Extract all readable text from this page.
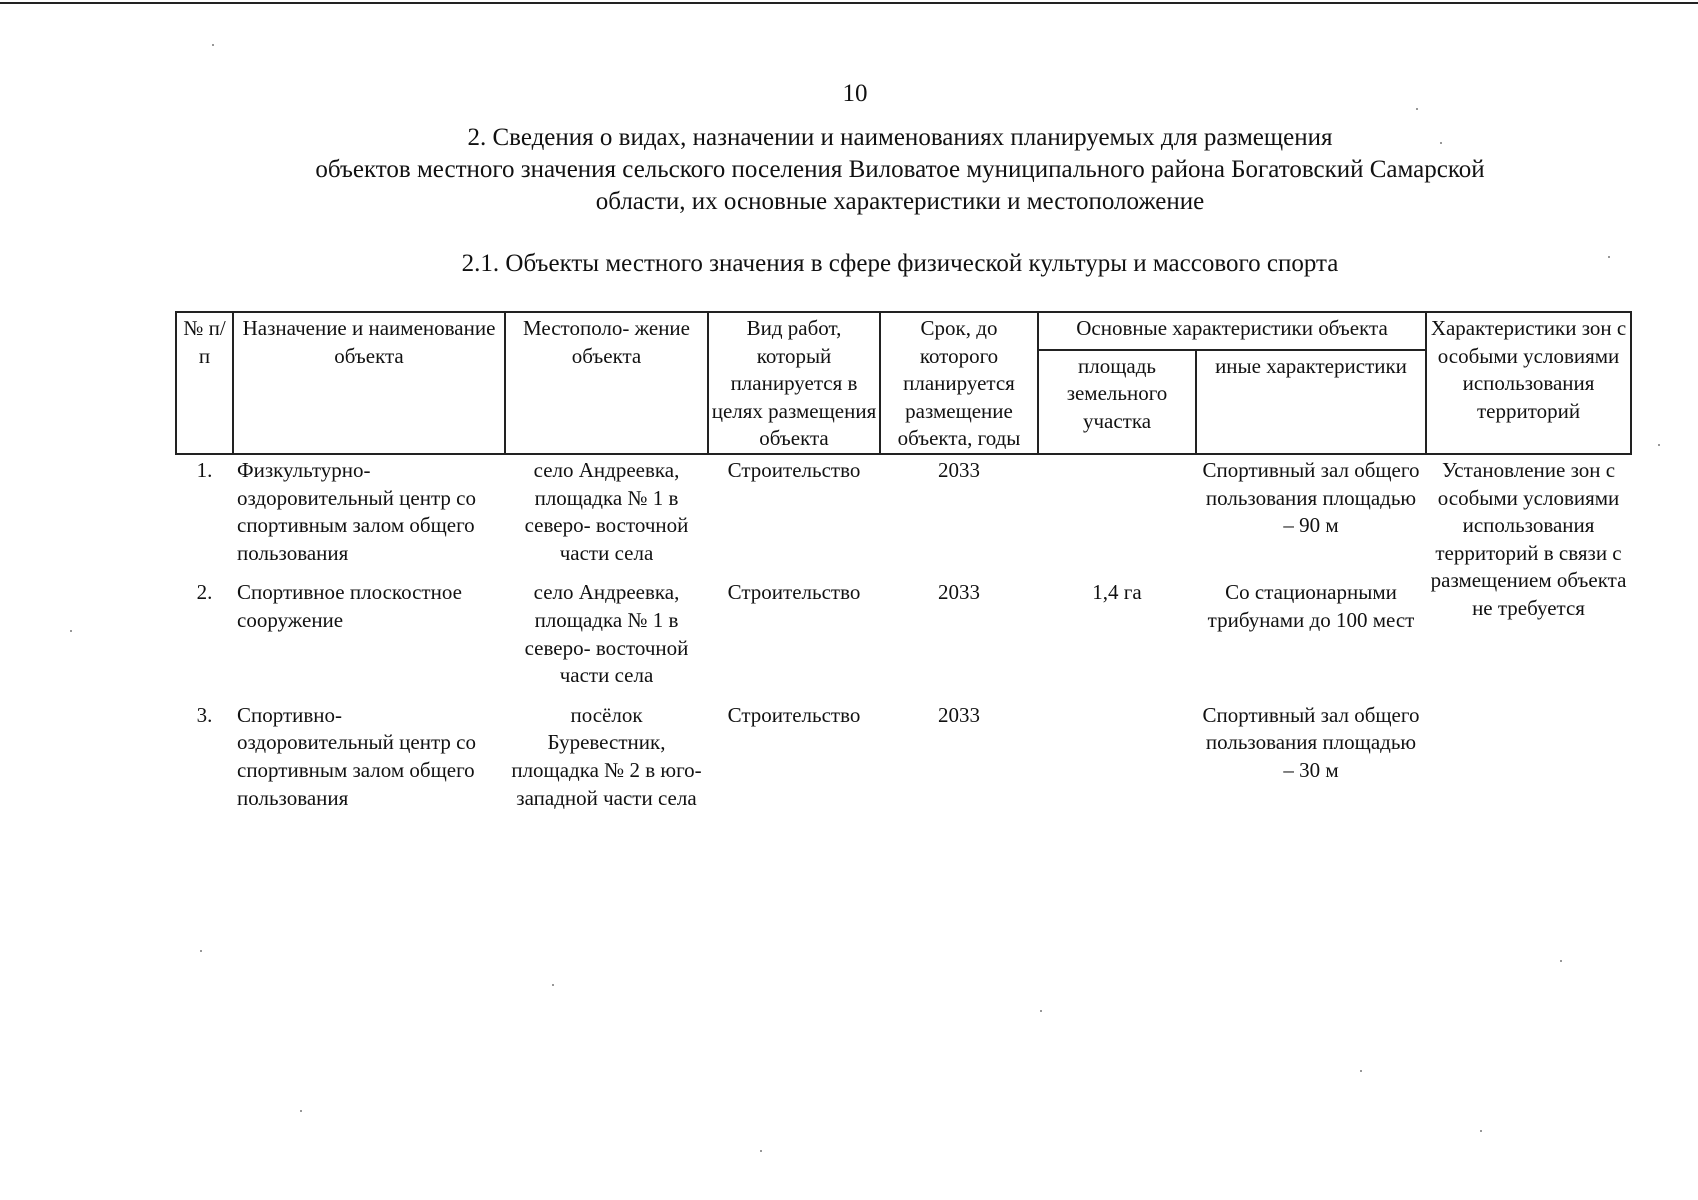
10
2. Сведения о видах, назначении и наименованиях планируемых для размещения
объектов местного значения сельского поселения Виловатое муниципального района Богатовский Самарской
области, их основные характеристики и местоположение
2.1. Объекты местного значения в сфере физической культуры и массового спорта
№ п/п	Назначение и наименование объекта	Местополо- жение объекта	Вид работ, который планируется в целях размещения объекта	Срок, до которого планируется размещение объекта, годы	Основные характеристики объекта		Характеристики зон с особыми условиями использования территорий
					площадь земельного участка	иные характеристики	
1.	Физкультурно- оздоровительный центр со спортивным залом общего пользования	село Андреевка, площадка № 1 в северо- восточной части села	Строительство	2033		Спортивный зал общего пользования площадью – 90 м	Установление зон с особыми условиями использования территорий в связи с размещением объекта не требуется
2.	Спортивное плоскостное сооружение	село Андреевка, площадка № 1 в северо- восточной части села	Строительство	2033	1,4 га	Со стационарными трибунами до 100 мест	
3.	Спортивно- оздоровительный центр со спортивным залом общего пользования	посёлок Буревестник, площадка № 2 в юго-западной части села	Строительство	2033		Спортивный зал общего пользования площадью – 30 м	
